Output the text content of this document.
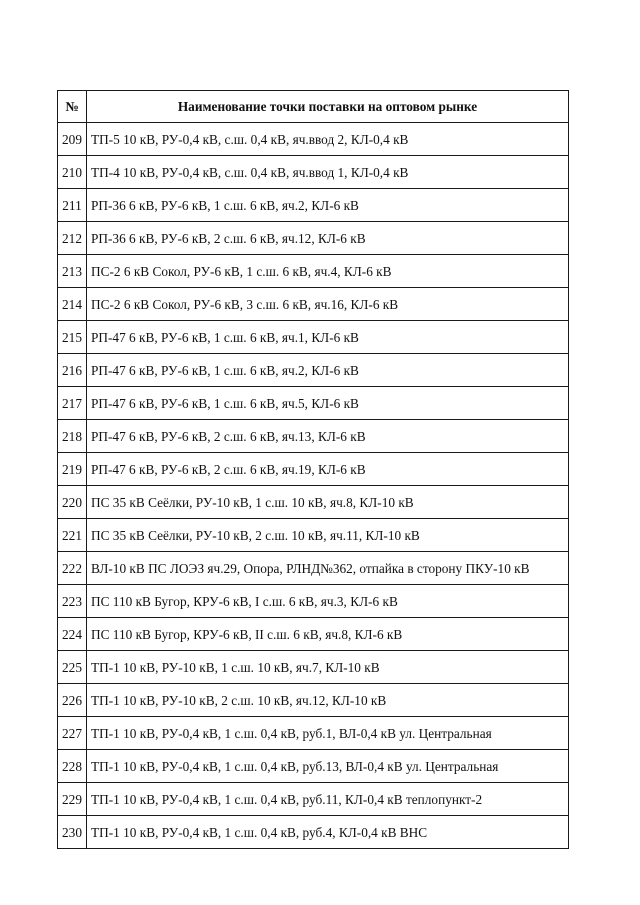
№	Наименование точки поставки на оптовом рынке
209	ТП-5 10 кВ, РУ-0,4 кВ, с.ш. 0,4 кВ, яч.ввод 2, КЛ-0,4 кВ
210	ТП-4 10 кВ, РУ-0,4 кВ, с.ш. 0,4 кВ, яч.ввод 1, КЛ-0,4 кВ
211	РП-36 6 кВ, РУ-6 кВ, 1 с.ш. 6 кВ, яч.2, КЛ-6 кВ
212	РП-36 6 кВ, РУ-6 кВ, 2 с.ш. 6 кВ, яч.12, КЛ-6 кВ
213	ПС-2 6 кВ Сокол, РУ-6 кВ, 1 с.ш. 6 кВ, яч.4, КЛ-6 кВ
214	ПС-2 6 кВ Сокол, РУ-6 кВ, 3 с.ш. 6 кВ, яч.16, КЛ-6 кВ
215	РП-47 6 кВ, РУ-6 кВ, 1 с.ш. 6 кВ, яч.1, КЛ-6 кВ
216	РП-47 6 кВ, РУ-6 кВ, 1 с.ш. 6 кВ, яч.2, КЛ-6 кВ
217	РП-47 6 кВ, РУ-6 кВ, 1 с.ш. 6 кВ, яч.5, КЛ-6 кВ
218	РП-47 6 кВ, РУ-6 кВ, 2 с.ш. 6 кВ, яч.13, КЛ-6 кВ
219	РП-47 6 кВ, РУ-6 кВ, 2 с.ш. 6 кВ, яч.19, КЛ-6 кВ
220	ПС 35 кВ Сеёлки, РУ-10 кВ, 1 с.ш. 10 кВ, яч.8, КЛ-10 кВ
221	ПС 35 кВ Сеёлки, РУ-10 кВ, 2 с.ш. 10 кВ, яч.11, КЛ-10 кВ
222	ВЛ-10 кВ ПС ЛОЭЗ яч.29, Опора, РЛНД№362, отпайка в сторону ПКУ-10 кВ
223	ПС 110 кВ Бугор, КРУ-6 кВ, I с.ш. 6 кВ, яч.3, КЛ-6 кВ
224	ПС 110 кВ Бугор, КРУ-6 кВ, II с.ш. 6 кВ, яч.8, КЛ-6 кВ
225	ТП-1 10 кВ, РУ-10 кВ, 1 с.ш. 10 кВ, яч.7, КЛ-10 кВ
226	ТП-1 10 кВ, РУ-10 кВ, 2 с.ш. 10 кВ, яч.12, КЛ-10 кВ
227	ТП-1 10 кВ, РУ-0,4 кВ, 1 с.ш. 0,4 кВ, руб.1, ВЛ-0,4 кВ ул. Центральная
228	ТП-1 10 кВ, РУ-0,4 кВ, 1 с.ш. 0,4 кВ, руб.13, ВЛ-0,4 кВ ул. Центральная
229	ТП-1 10 кВ, РУ-0,4 кВ, 1 с.ш. 0,4 кВ, руб.11, КЛ-0,4 кВ теплопункт-2
230	ТП-1 10 кВ, РУ-0,4 кВ, 1 с.ш. 0,4 кВ, руб.4, КЛ-0,4 кВ ВНС
